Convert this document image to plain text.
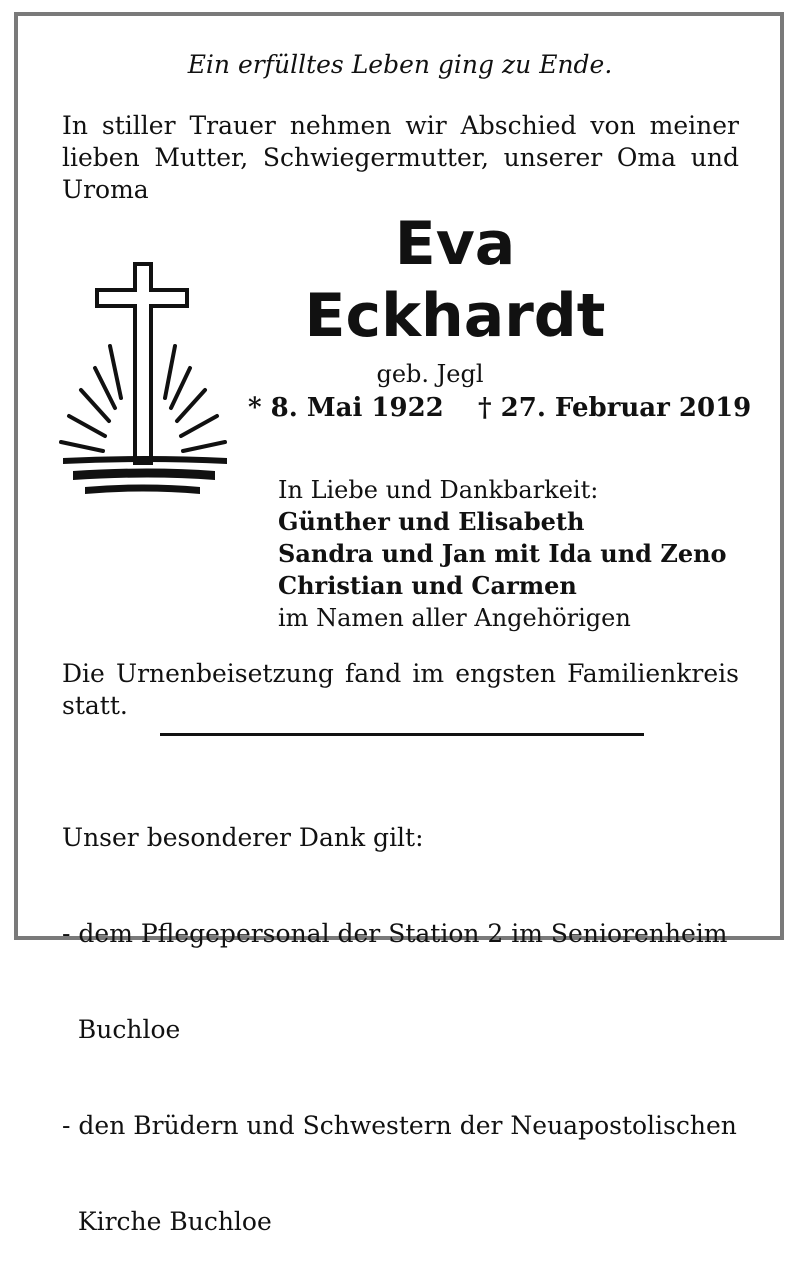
Ein erfülltes Leben ging zu Ende.
In stiller Trauer nehmen wir Abschied von meiner
lieben Mutter, Schwiegermutter, unserer Oma und
Uroma
Eva
Eckhardt
geb. Jegl
* 8. Mai 1922 † 27. Februar 2019
In Liebe und Dankbarkeit:
Günther und Elisabeth
Sandra und Jan mit Ida und Zeno
Christian und Carmen
im Namen aller Angehörigen
Die Urnenbeisetzung fand im engsten Familienkreis
statt.

Unser besonderer Dank gilt:

- dem Pflegepersonal der Station 2 im Seniorenheim

Buchloe

- den Brüdern und Schwestern der Neuapostolischen

Kirche Buchloe
